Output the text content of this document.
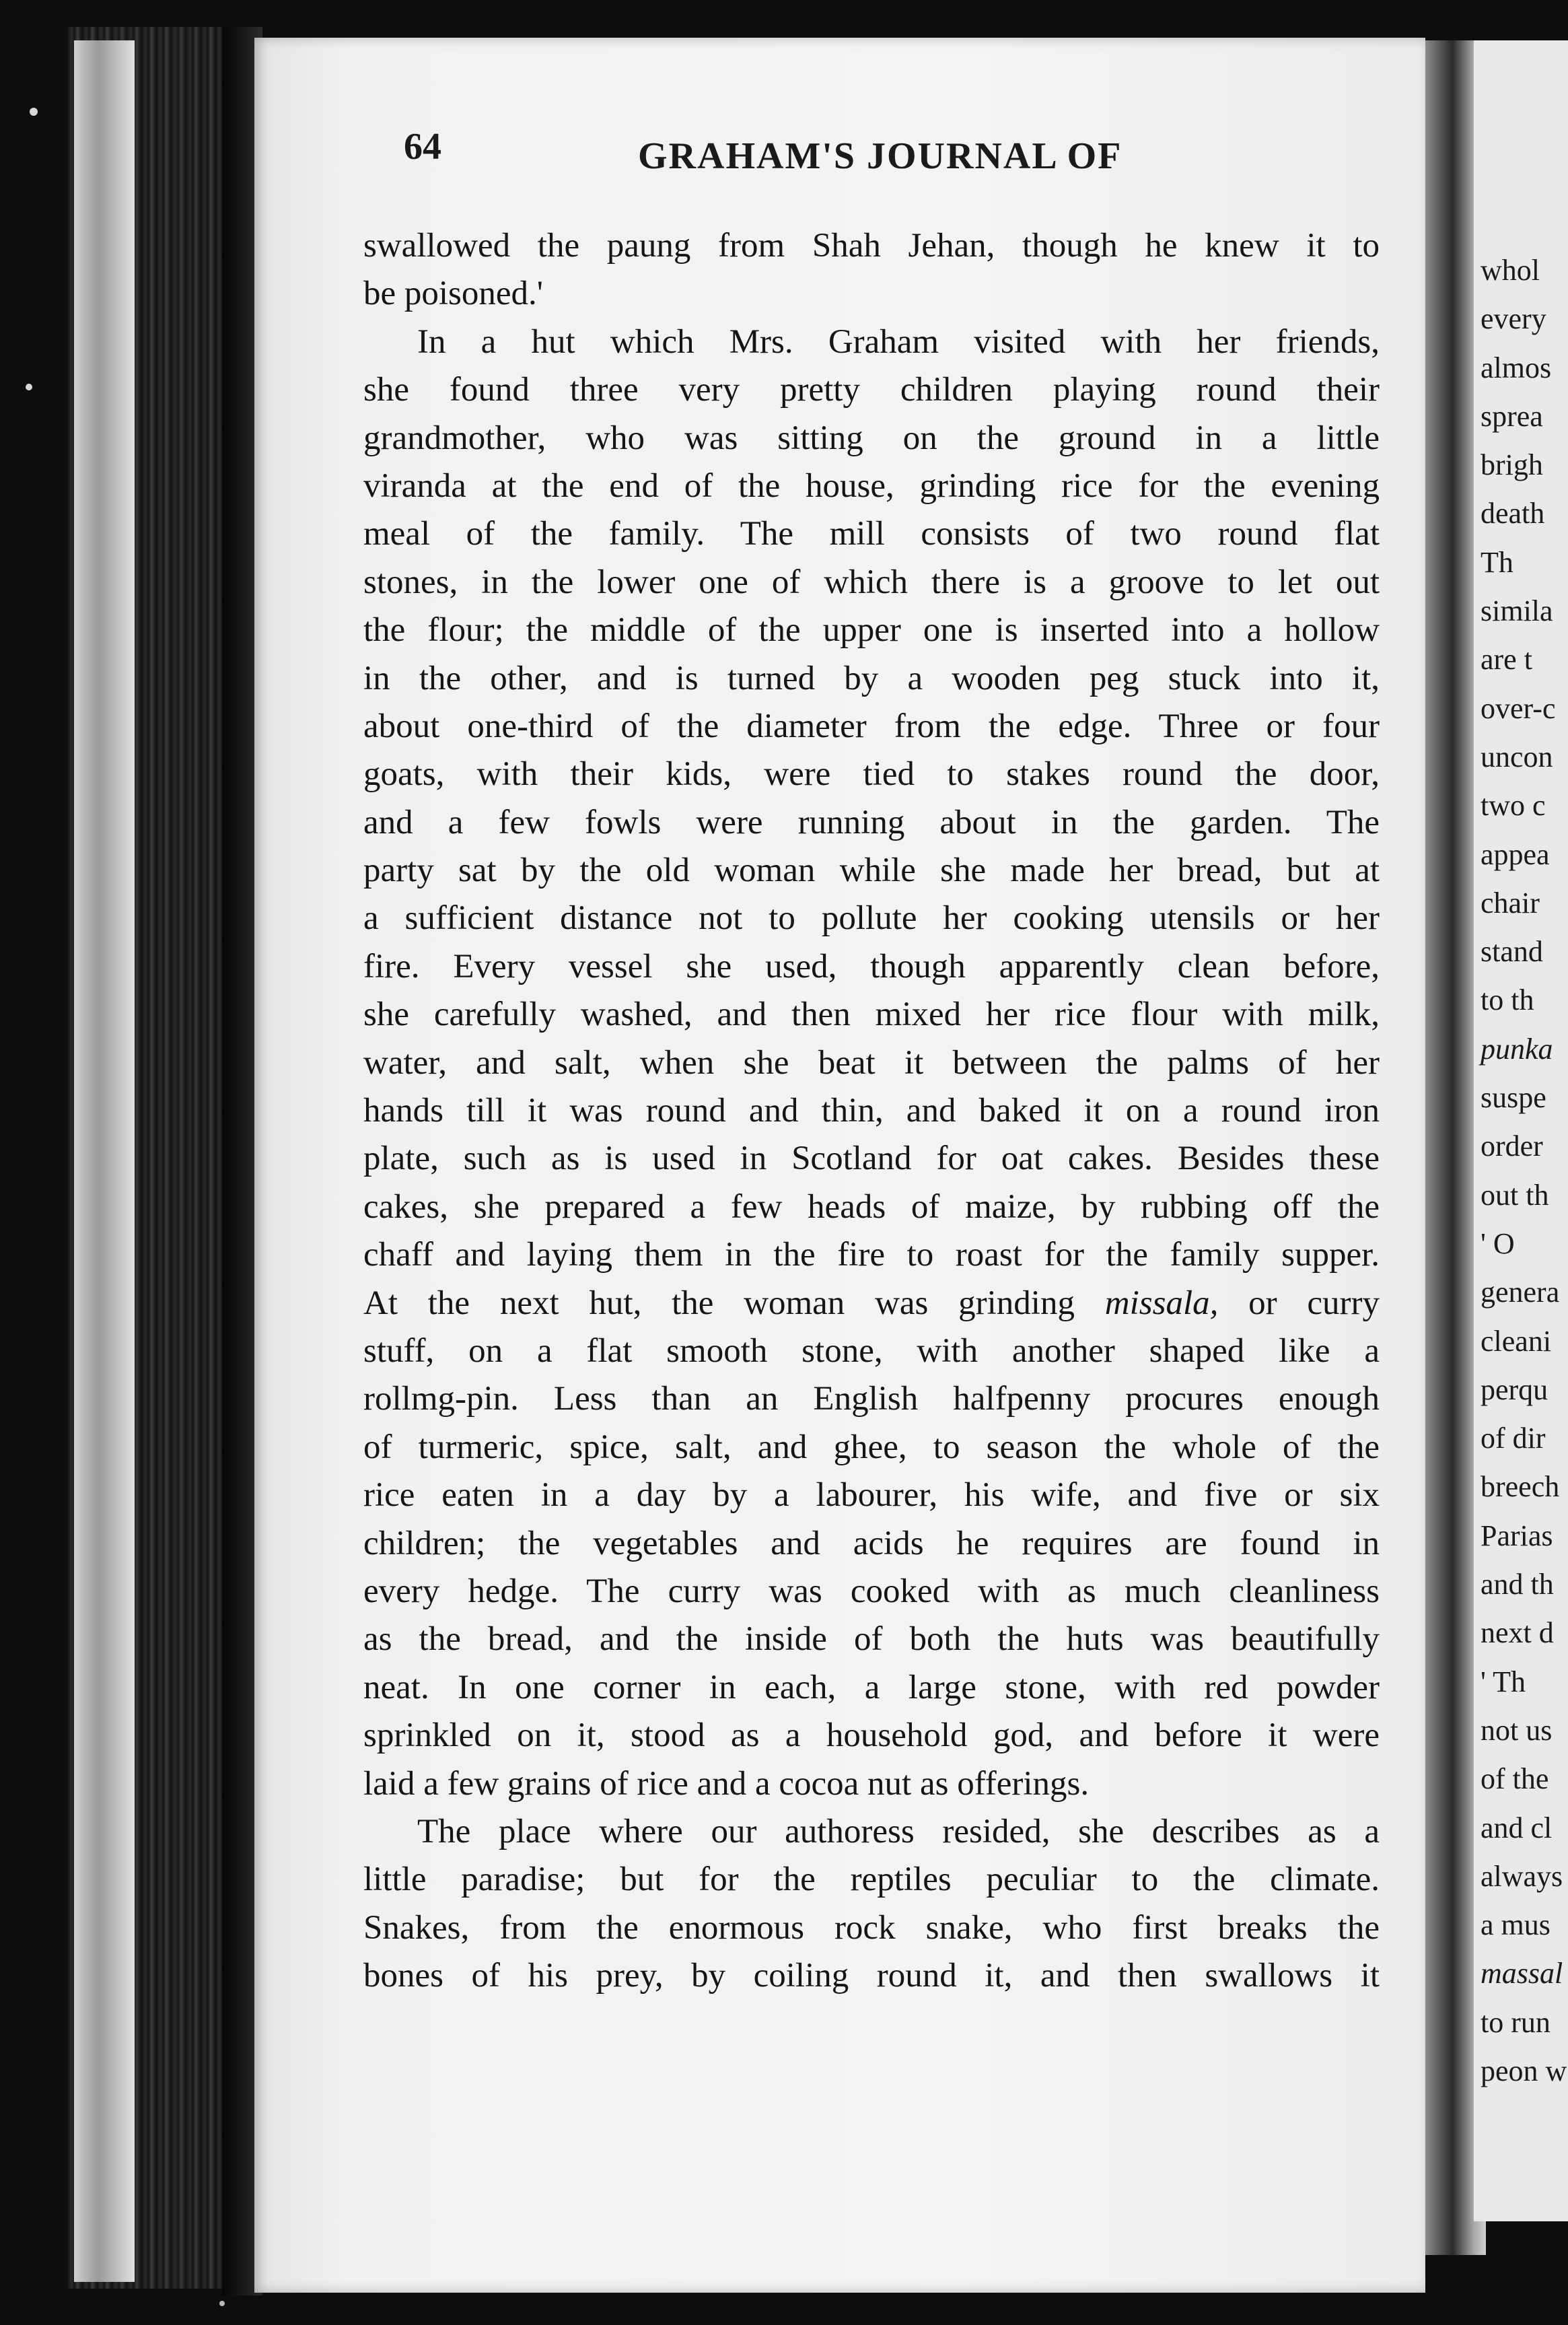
64	GRAHAM'S JOURNAL OF
swallowed the paung from Shah Jehan, though he knew it to
be poisoned.'
In a hut which Mrs. Graham visited with her friends,
she found three very pretty children playing round their
grandmother, who was sitting on the ground in a little
viranda at the end of the house, grinding rice for the evening
meal of the family. The mill consists of two round flat
stones, in the lower one of which there is a groove to let out
the flour; the middle of the upper one is inserted into a hollow
in the other, and is turned by a wooden peg stuck into it,
about one-third of the diameter from the edge. Three or four
goats, with their kids, were tied to stakes round the door,
and a few fowls were running about in the garden. The
party sat by the old woman while she made her bread, but at
a sufficient distance not to pollute her cooking utensils or her
fire. Every vessel she used, though apparently clean before,
she carefully washed, and then mixed her rice flour with milk,
water, and salt, when she beat it between the palms of her
hands till it was round and thin, and baked it on a round iron
plate, such as is used in Scotland for oat cakes. Besides these
cakes, she prepared a few heads of maize, by rubbing off the
chaff and laying them in the fire to roast for the family supper.
At the next hut, the woman was grinding missala, or curry
stuff, on a flat smooth stone, with another shaped like a
rollmg-pin. Less than an English halfpenny procures enough
of turmeric, spice, salt, and ghee, to season the whole of the
rice eaten in a day by a labourer, his wife, and five or six
children; the vegetables and acids he requires are found in
every hedge. The curry was cooked with as much cleanliness
as the bread, and the inside of both the huts was beautifully
neat. In one corner in each, a large stone, with red powder
sprinkled on it, stood as a household god, and before it were
laid a few grains of rice and a cocoa nut as offerings.
The place where our authoress resided, she describes as a
little paradise; but for the reptiles peculiar to the climate.
Snakes, from the enormous rock snake, who first breaks the
bones of his prey, by coiling round it, and then swallows it
whol
every
almos
sprea
brigh
death
Th
simila
are t
over-c
uncon
two c
appea
chair
stand
to th
punka
suspe
order
out th
' O
genera
cleani
perqu
of dir
breech
Parias
and th
next d
' Th
not us
of the
and cl
always
a mus
massal
to run
peon w
